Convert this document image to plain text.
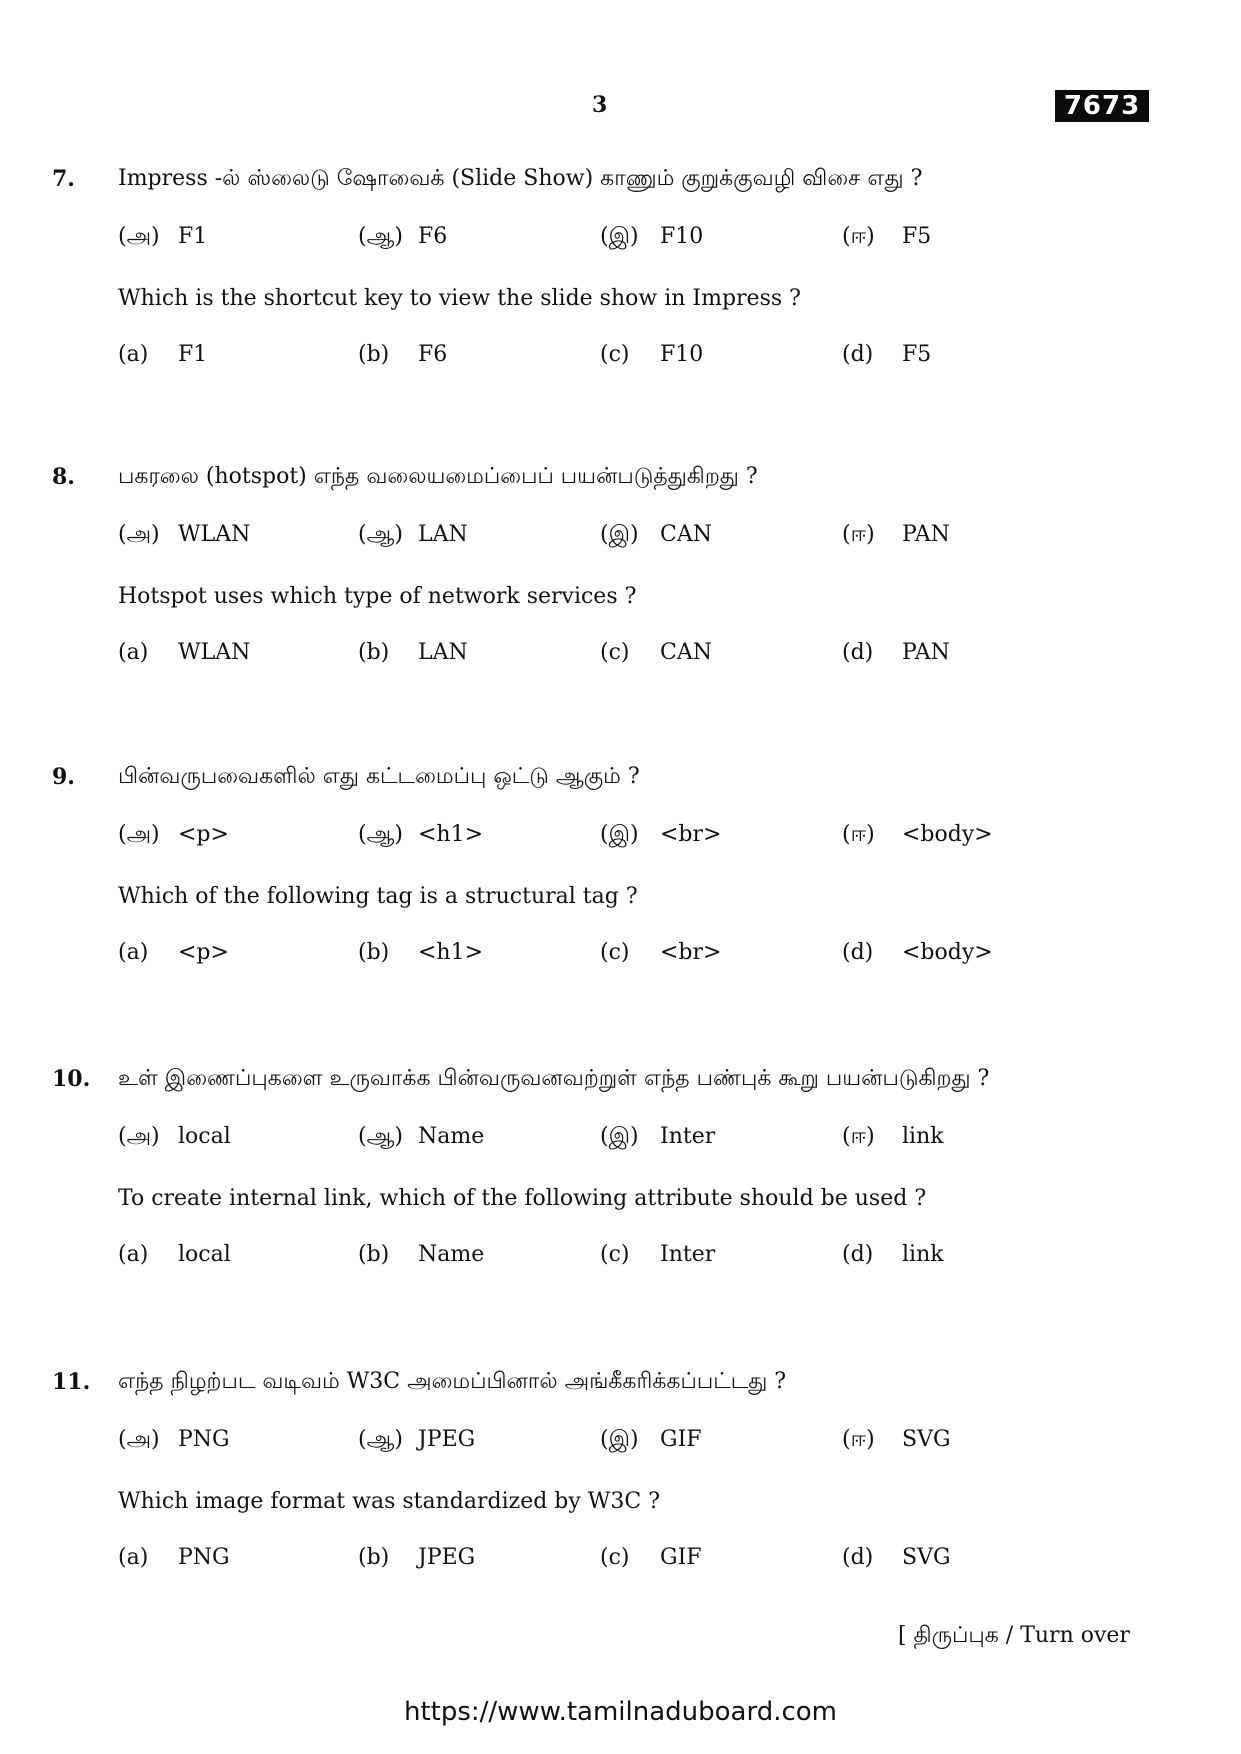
3	7673
7. Impress -ல் ஸ்லைடு ஷோவைக் (Slide Show) காணும் குறுக்குவழி விசை எது ?
(அ) F1	(ஆ) F6	(இ) F10	(ஈ) F5
Which is the shortcut key to view the slide show in Impress ?
(a) F1	(b) F6	(c) F10	(d) F5
8. பகரலை (hotspot) எந்த வலையமைப்பைப் பயன்படுத்துகிறது ?
(அ) WLAN	(ஆ) LAN	(இ) CAN	(ஈ) PAN
Hotspot uses which type of network services ?
(a) WLAN	(b) LAN	(c) CAN	(d) PAN
9. பின்வருபவைகளில் எது கட்டமைப்பு ஒட்டு ஆகும் ?
(அ) <p>	(ஆ) <h1>	(இ) <br>	(ஈ) <body>
Which of the following tag is a structural tag ?
(a) <p>	(b) <h1>	(c) <br>	(d) <body>
10. உள் இணைப்புகளை உருவாக்க பின்வருவனவற்றுள் எந்த பண்புக் கூறு பயன்படுகிறது ?
(அ) local	(ஆ) Name	(இ) Inter	(ஈ) link
To create internal link, which of the following attribute should be used ?
(a) local	(b) Name	(c) Inter	(d) link
11. எந்த நிழற்பட வடிவம் W3C அமைப்பினால் அங்கீகரிக்கப்பட்டது ?
(அ) PNG	(ஆ) JPEG	(இ) GIF	(ஈ) SVG
Which image format was standardized by W3C ?
(a) PNG	(b) JPEG	(c) GIF	(d) SVG
[ திருப்புக / Turn over
https://www.tamilnaduboard.com
